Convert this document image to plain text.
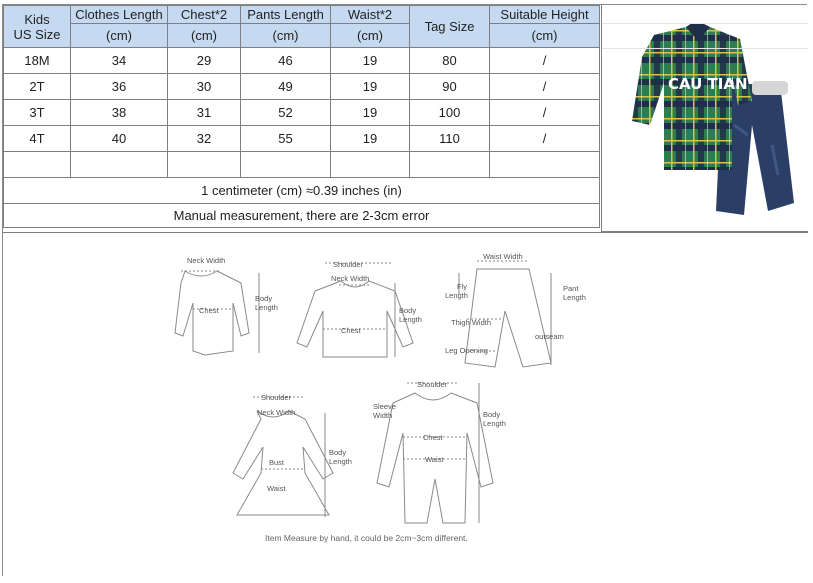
Kids
US Size	Clothes Length	Chest*2	Pants Length	Waist*2	Tag Size	Suitable Height
	(cm)	(cm)	(cm)	(cm)		(cm)
18M	34	29	46	19	80	/
2T	36	30	49	19	90	/
3T	38	31	52	19	100	/
4T	40	32	55	19	110	/

1 centimeter (cm) ≈0.39 inches (in)						
Manual measurement, there are 2-3cm error						
CAU TIAN
Neck Width
Chest
Body
Length
Shoulder
Neck Width
Chest
Body
Length
Waist Width
Fly
Length
Pant
Length
Thigh Width
outseam
Leg Opening
Shoulder
Neck Width
Bust
Waist
Body
Length
Shoulder
Sleeve
Width
Chest
Waist
Body
Length
Item Measure by hand, it could be 2cm~3cm different.
